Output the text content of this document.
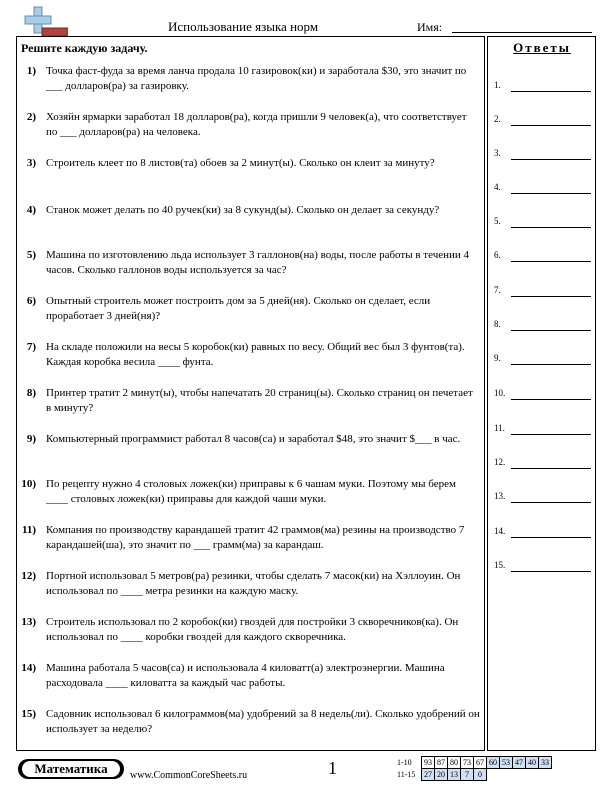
Использование языка норм	Имя:
Решите каждую задачу.	Ответы
1) Точка фаст-фуда за время ланча продала 10 газировок(ки) и заработала $30, это значит по ___ долларов(ра) за газировку.
2) Хозяйн ярмарки заработал 18 долларов(ра), когда пришли 9 человек(а), что соответствует по ___ долларов(ра) на человека.
3) Строитель клеет по 8 листов(та) обоев за 2 минут(ы). Сколько он клеит за минуту?
4) Станок может делать по 40 ручек(ки) за 8 сукунд(ы). Сколько он делает за секунду?
5) Машина по изготовлению льда использует 3 галлонов(на) воды, после работы в течении 4 часов. Сколько галлонов воды используется за час?
6) Опытный строитель может построить дом за 5 дней(ня). Сколько он сделает, если проработает 3 дней(ня)?
7) На складе положили на весы 5 коробок(ки) равных по весу. Общий вес был 3 фунтов(та). Каждая коробка весила ____ фунта.
8) Принтер тратит 2 минут(ы), чтобы напечатать 20 страниц(ы). Сколько страниц он печетает в минуту?
9) Компьютерный программист работал 8 часов(са) и заработал $48, это значит $___ в час.
10) По рецепту нужно 4 столовых ложек(ки) приправы к 6 чашам муки. Поэтому мы берем ____ столовых ложек(ки) приправы для каждой чаши муки.
11) Компания по производству карандашей тратит 42 граммов(ма) резины на производство 7 карандашей(ша), это значит по ___ грамм(ма) за карандаш.
12) Портной использовал 5 метров(ра) резинки, чтобы сделать 7 масок(ки) на Хэллоуин. Он использовал по ____ метра резинки на каждую маску.
13) Строитель использовал по 2 коробок(ки) гвоздей для постройки 3 скворечников(ка). Он использовал по ____ коробки гвоздей для каждого скворечника.
14) Машина работала 5 часов(са) и использовала 4 киловатт(а) электроэнергии. Машина расходовала ____ киловатта за каждый час работы.
15) Садовник использовал 6 килограммов(ма) удобрений за 8 недель(ли). Сколько удобрений он использует за неделю?
1.
2.
3.
4.
5.
6.
7.
8.
9.
10.
11.
12.
13.
14.
15.
Математика	www.CommonCoreSheets.ru	1	1-10	93	87	80	73	67	60	53	47	40	33
11-15	27	20	13	7	0					
